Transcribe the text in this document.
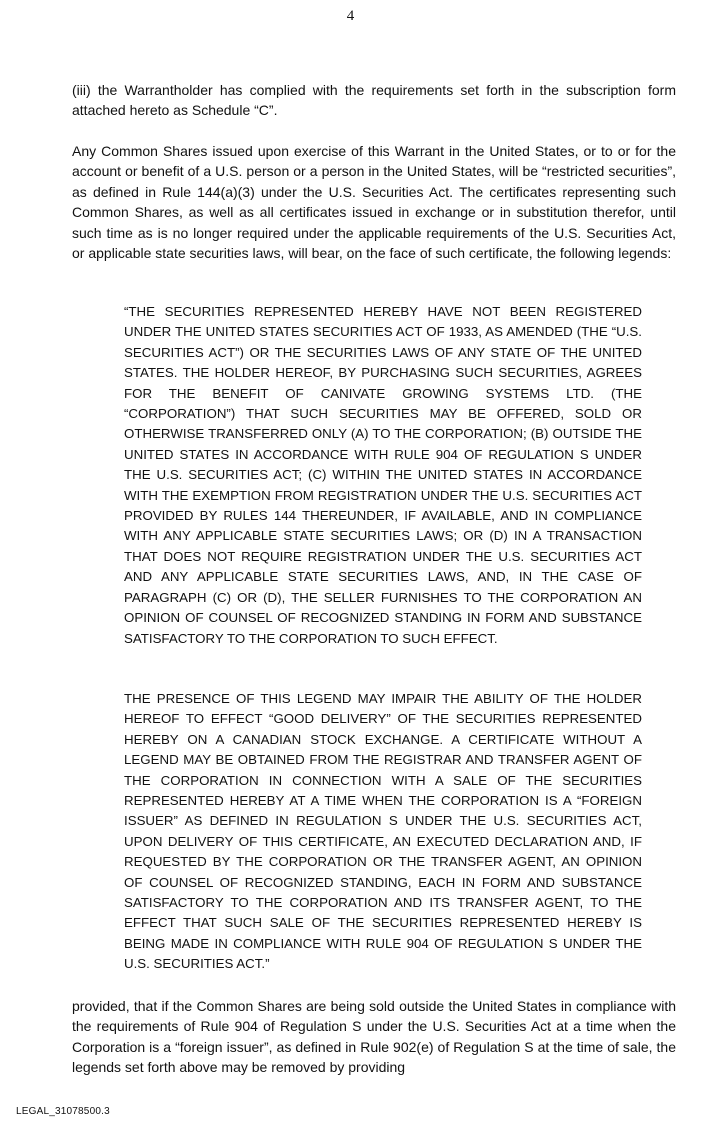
4

(iii) the Warrantholder has complied with the requirements set forth in the subscription form attached hereto as Schedule “C”.

Any Common Shares issued upon exercise of this Warrant in the United States, or to or for the account or benefit of a U.S. person or a person in the United States, will be “restricted securities”, as defined in Rule 144(a)(3) under the U.S. Securities Act. The certificates representing such Common Shares, as well as all certificates issued in exchange or in substitution therefor, until such time as is no longer required under the applicable requirements of the U.S. Securities Act, or applicable state securities laws, will bear, on the face of such certificate, the following legends:

“THE SECURITIES REPRESENTED HEREBY HAVE NOT BEEN REGISTERED UNDER THE UNITED STATES SECURITIES ACT OF 1933, AS AMENDED (THE “U.S. SECURITIES ACT”) OR THE SECURITIES LAWS OF ANY STATE OF THE UNITED STATES. THE HOLDER HEREOF, BY PURCHASING SUCH SECURITIES, AGREES FOR THE BENEFIT OF CANIVATE GROWING SYSTEMS LTD. (THE “CORPORATION”) THAT SUCH SECURITIES MAY BE OFFERED, SOLD OR OTHERWISE TRANSFERRED ONLY (A) TO THE CORPORATION; (B) OUTSIDE THE UNITED STATES IN ACCORDANCE WITH RULE 904 OF REGULATION S UNDER THE U.S. SECURITIES ACT; (C) WITHIN THE UNITED STATES IN ACCORDANCE WITH THE EXEMPTION FROM REGISTRATION UNDER THE U.S. SECURITIES ACT PROVIDED BY RULES 144 THEREUNDER, IF AVAILABLE, AND IN COMPLIANCE WITH ANY APPLICABLE STATE SECURITIES LAWS; OR (D) IN A TRANSACTION THAT DOES NOT REQUIRE REGISTRATION UNDER THE U.S. SECURITIES ACT AND ANY APPLICABLE STATE SECURITIES LAWS, AND, IN THE CASE OF PARAGRAPH (C) OR (D), THE SELLER FURNISHES TO THE CORPORATION AN OPINION OF COUNSEL OF RECOGNIZED STANDING IN FORM AND SUBSTANCE SATISFACTORY TO THE CORPORATION TO SUCH EFFECT.

THE PRESENCE OF THIS LEGEND MAY IMPAIR THE ABILITY OF THE HOLDER HEREOF TO EFFECT “GOOD DELIVERY” OF THE SECURITIES REPRESENTED HEREBY ON A CANADIAN STOCK EXCHANGE. A CERTIFICATE WITHOUT A LEGEND MAY BE OBTAINED FROM THE REGISTRAR AND TRANSFER AGENT OF THE CORPORATION IN CONNECTION WITH A SALE OF THE SECURITIES REPRESENTED HEREBY AT A TIME WHEN THE CORPORATION IS A “FOREIGN ISSUER” AS DEFINED IN REGULATION S UNDER THE U.S. SECURITIES ACT, UPON DELIVERY OF THIS CERTIFICATE, AN EXECUTED DECLARATION AND, IF REQUESTED BY THE CORPORATION OR THE TRANSFER AGENT, AN OPINION OF COUNSEL OF RECOGNIZED STANDING, EACH IN FORM AND SUBSTANCE SATISFACTORY TO THE CORPORATION AND ITS TRANSFER AGENT, TO THE EFFECT THAT SUCH SALE OF THE SECURITIES REPRESENTED HEREBY IS BEING MADE IN COMPLIANCE WITH RULE 904 OF REGULATION S UNDER THE U.S. SECURITIES ACT.”

provided, that if the Common Shares are being sold outside the United States in compliance with the requirements of Rule 904 of Regulation S under the U.S. Securities Act at a time when the Corporation is a “foreign issuer”, as defined in Rule 902(e) of Regulation S at the time of sale, the legends set forth above may be removed by providing

LEGAL_31078500.3
